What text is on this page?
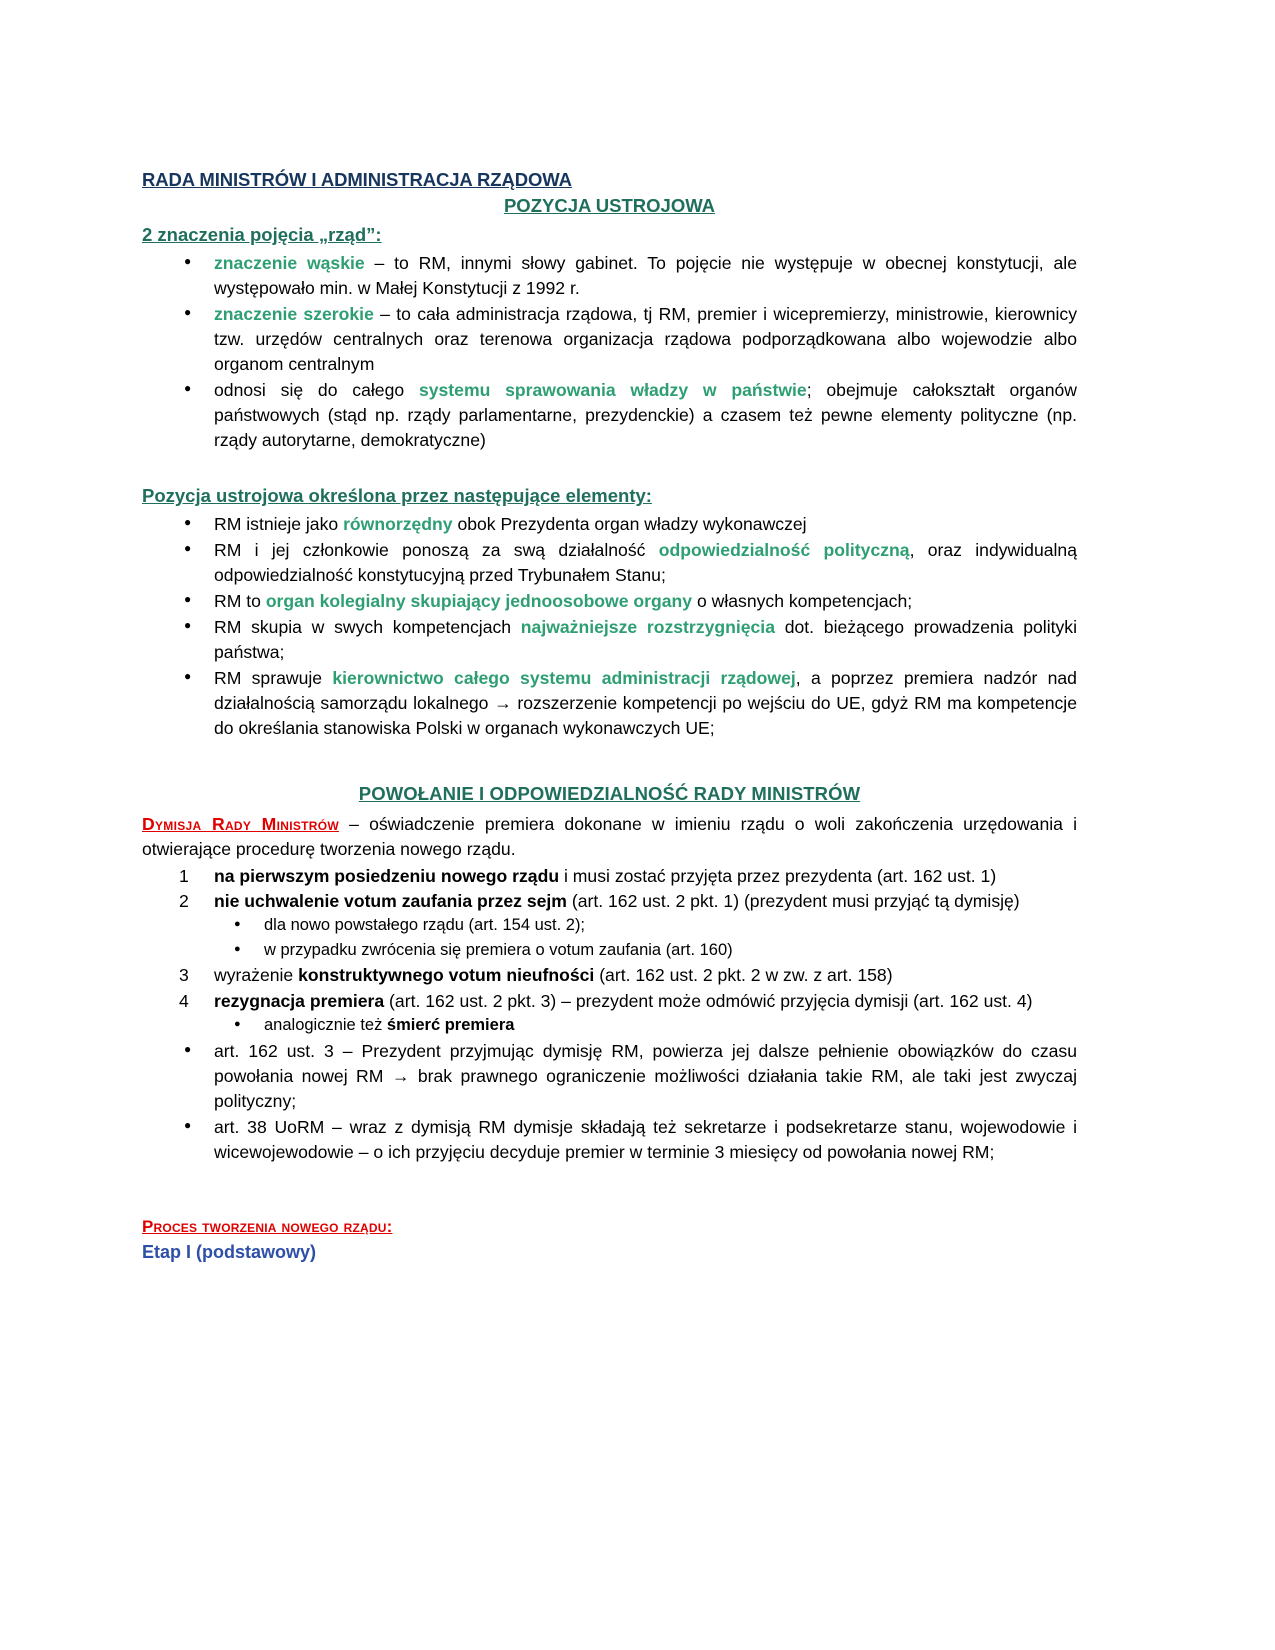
RADA MINISTRÓW I ADMINISTRACJA RZĄDOWA
POZYCJA USTROJOWA
2 znaczenia pojęcia „rząd”:
● znaczenie wąskie – to RM, innymi słowy gabinet. To pojęcie nie występuje w obecnej konstytucji, ale występowało min. w Małej Konstytucji z 1992 r.
● znaczenie szerokie – to cała administracja rządowa, tj RM, premier i wicepremierzy, ministrowie, kierownicy tzw. urzędów centralnych oraz terenowa organizacja rządowa podporządkowana albo wojewodzie albo organom centralnym
● odnosi się do całego systemu sprawowania władzy w państwie; obejmuje całokształt organów państwowych (stąd np. rządy parlamentarne, prezydenckie) a czasem też pewne elementy polityczne (np. rządy autorytarne, demokratyczne)
Pozycja ustrojowa określona przez następujące elementy:
● RM istnieje jako równorzędny obok Prezydenta organ władzy wykonawczej
● RM i jej członkowie ponoszą za swą działalność odpowiedzialność polityczną, oraz indywidualną odpowiedzialność konstytucyjną przed Trybunałem Stanu;
● RM to organ kolegialny skupiający jednoosobowe organy o własnych kompetencjach;
● RM skupia w swych kompetencjach najważniejsze rozstrzygnięcia dot. bieżącego prowadzenia polityki państwa;
● RM sprawuje kierownictwo całego systemu administracji rządowej, a poprzez premiera nadzór nad działalnością samorządu lokalnego → rozszerzenie kompetencji po wejściu do UE, gdyż RM ma kompetencje do określania stanowiska Polski w organach wykonawczych UE;
POWOŁANIE I ODPOWIEDZIALNOŚĆ RADY MINISTRÓW

Dymisja Rady Ministrów – oświadczenie premiera dokonane w imieniu rządu o woli zakończenia urzędowania i otwierające procedurę tworzenia nowego rządu.

na pierwszym posiedzeniu nowego rządu i musi zostać przyjęta przez prezydenta (art. 162 ust. 1)
nie uchwalenie votum zaufania przez sejm (art. 162 ust. 2 pkt. 1) (prezydent musi przyjąć tą dymisję)
● dla nowo powstałego rządu (art. 154 ust. 2);
● w przypadku zwrócenia się premiera o votum zaufania (art. 160)
wyrażenie konstruktywnego votum nieufności (art. 162 ust. 2 pkt. 2 w zw. z art. 158)
rezygnacja premiera (art. 162 ust. 2 pkt. 3) – prezydent może odmówić przyjęcia dymisji (art. 162 ust. 4)
● analogicznie też śmierć premiera
● art. 162 ust. 3 – Prezydent przyjmując dymisję RM, powierza jej dalsze pełnienie obowiązków do czasu powołania nowej RM → brak prawnego ograniczenie możliwości działania takie RM, ale taki jest zwyczaj polityczny;
● art. 38 UoRM – wraz z dymisją RM dymisje składają też sekretarze i podsekretarze stanu, wojewodowie i wicewojewodowie – o ich przyjęciu decyduje premier w terminie 3 miesięcy od powołania nowej RM;
Proces tworzenia nowego rządu:
Etap I (podstawowy)
